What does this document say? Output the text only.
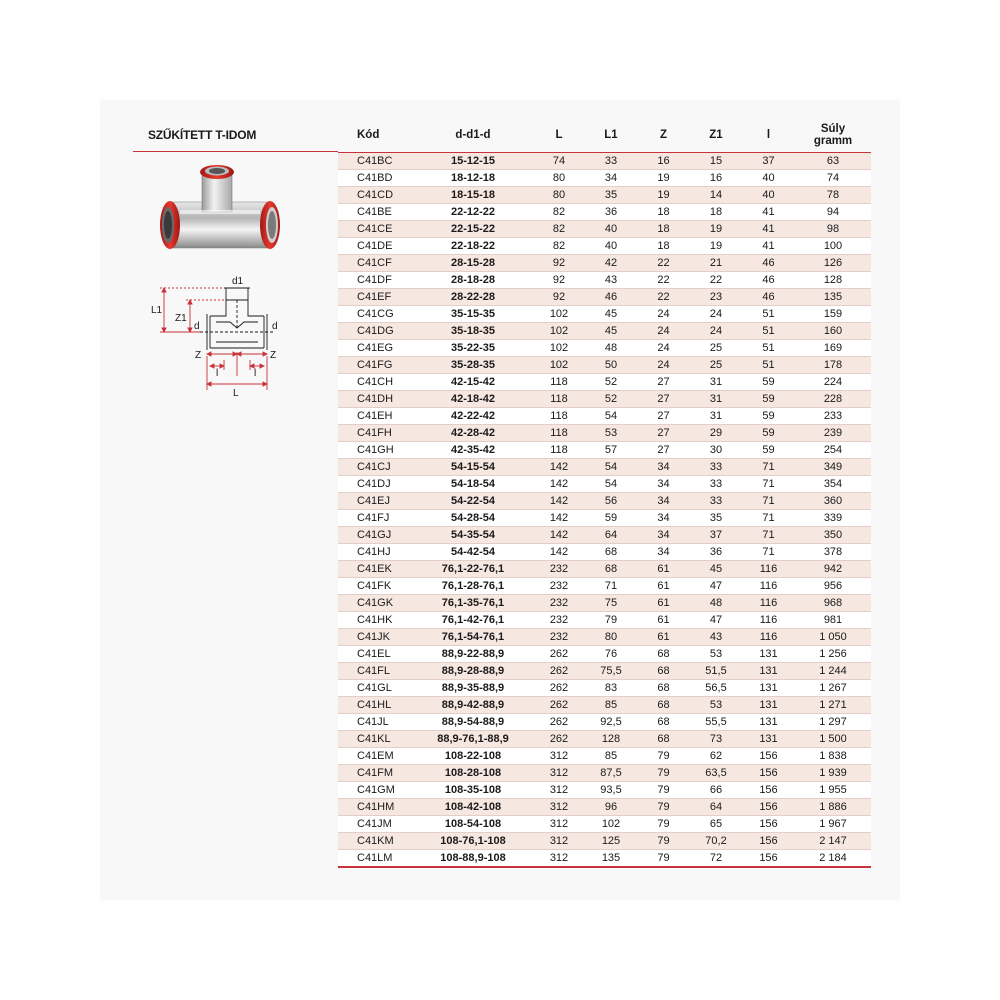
SZŰKÍTETT T-IDOM
d1
d	d
L1
Z1
Z	Z
l	l
L
Kód	d-d1-d	L	L1	Z	Z1	l	Súly
gramm
C41BC	15-12-15	74	33	16	15	37	63
C41BD	18-12-18	80	34	19	16	40	74
C41CD	18-15-18	80	35	19	14	40	78
C41BE	22-12-22	82	36	18	18	41	94
C41CE	22-15-22	82	40	18	19	41	98
C41DE	22-18-22	82	40	18	19	41	100
C41CF	28-15-28	92	42	22	21	46	126
C41DF	28-18-28	92	43	22	22	46	128
C41EF	28-22-28	92	46	22	23	46	135
C41CG	35-15-35	102	45	24	24	51	159
C41DG	35-18-35	102	45	24	24	51	160
C41EG	35-22-35	102	48	24	25	51	169
C41FG	35-28-35	102	50	24	25	51	178
C41CH	42-15-42	118	52	27	31	59	224
C41DH	42-18-42	118	52	27	31	59	228
C41EH	42-22-42	118	54	27	31	59	233
C41FH	42-28-42	118	53	27	29	59	239
C41GH	42-35-42	118	57	27	30	59	254
C41CJ	54-15-54	142	54	34	33	71	349
C41DJ	54-18-54	142	54	34	33	71	354
C41EJ	54-22-54	142	56	34	33	71	360
C41FJ	54-28-54	142	59	34	35	71	339
C41GJ	54-35-54	142	64	34	37	71	350
C41HJ	54-42-54	142	68	34	36	71	378
C41EK	76,1-22-76,1	232	68	61	45	116	942
C41FK	76,1-28-76,1	232	71	61	47	116	956
C41GK	76,1-35-76,1	232	75	61	48	116	968
C41HK	76,1-42-76,1	232	79	61	47	116	981
C41JK	76,1-54-76,1	232	80	61	43	116	1 050
C41EL	88,9-22-88,9	262	76	68	53	131	1 256
C41FL	88,9-28-88,9	262	75,5	68	51,5	131	1 244
C41GL	88,9-35-88,9	262	83	68	56,5	131	1 267
C41HL	88,9-42-88,9	262	85	68	53	131	1 271
C41JL	88,9-54-88,9	262	92,5	68	55,5	131	1 297
C41KL	88,9-76,1-88,9	262	128	68	73	131	1 500
C41EM	108-22-108	312	85	79	62	156	1 838
C41FM	108-28-108	312	87,5	79	63,5	156	1 939
C41GM	108-35-108	312	93,5	79	66	156	1 955
C41HM	108-42-108	312	96	79	64	156	1 886
C41JM	108-54-108	312	102	79	65	156	1 967
C41KM	108-76,1-108	312	125	79	70,2	156	2 147
C41LM	108-88,9-108	312	135	79	72	156	2 184
